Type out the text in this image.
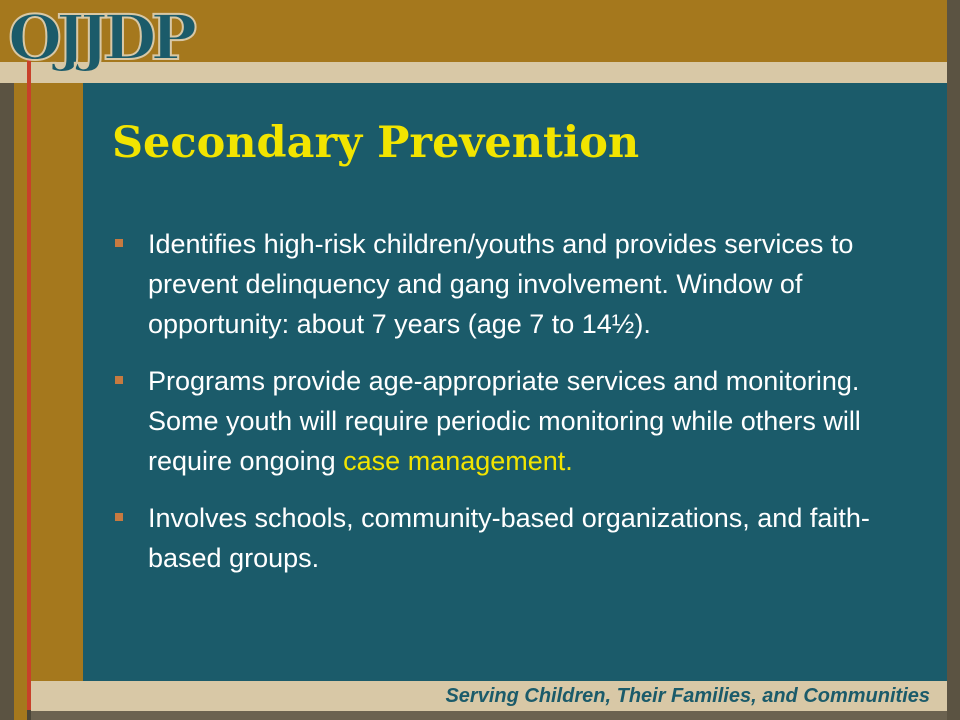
OJJDP
Secondary Prevention
Identifies high-risk children/youths and provides services to prevent delinquency and gang involvement. Window of opportunity: about 7 years (age 7 to 14½).
Programs provide age-appropriate services and monitoring. Some youth will require periodic monitoring while others will require ongoing case management.
Involves schools, community-based organizations, and faith-based groups.
Serving Children, Their Families, and Communities
